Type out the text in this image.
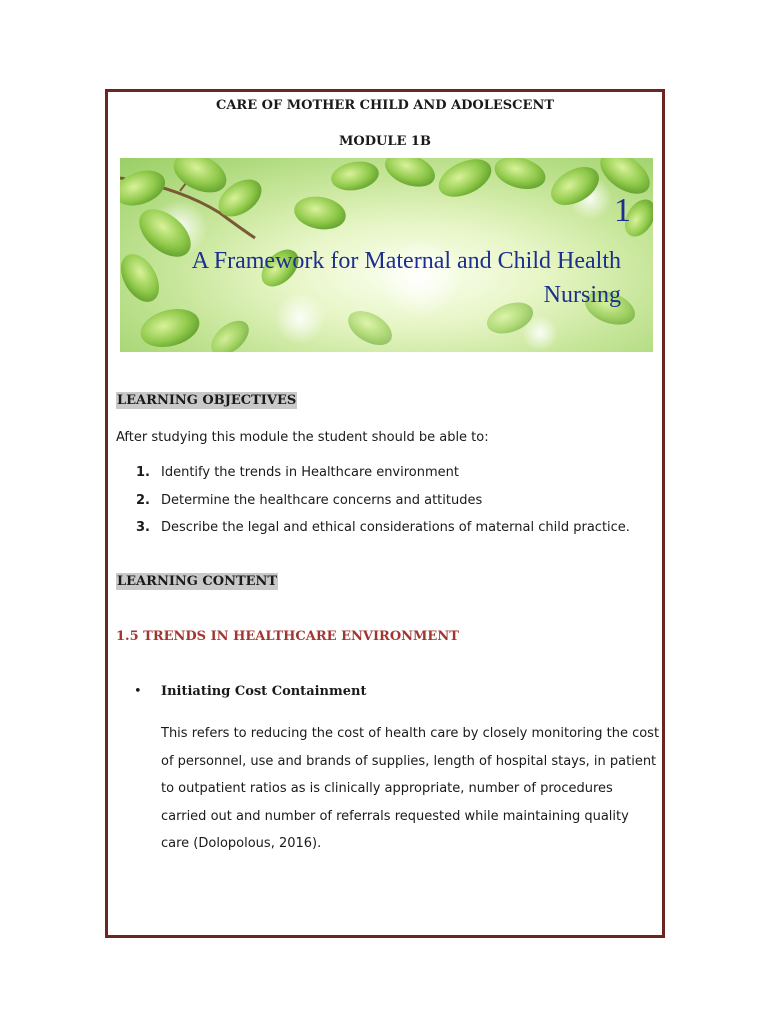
CARE OF MOTHER CHILD AND ADOLESCENT
MODULE 1B
1
A Framework for Maternal and Child Health
Nursing
LEARNING OBJECTIVES
After studying this module the student should be able to:
1. Identify the trends in Healthcare environment
2. Determine the healthcare concerns and attitudes
3. Describe the legal and ethical considerations of maternal child practice.
LEARNING CONTENT
1.5 TRENDS IN HEALTHCARE ENVIRONMENT
• Initiating Cost Containment
This refers to reducing the cost of health care by closely monitoring the cost of personnel, use and brands of supplies, length of hospital stays, in patient to outpatient ratios as is clinically appropriate, number of procedures carried out and number of referrals requested while maintaining quality care (Dolopolous, 2016).
